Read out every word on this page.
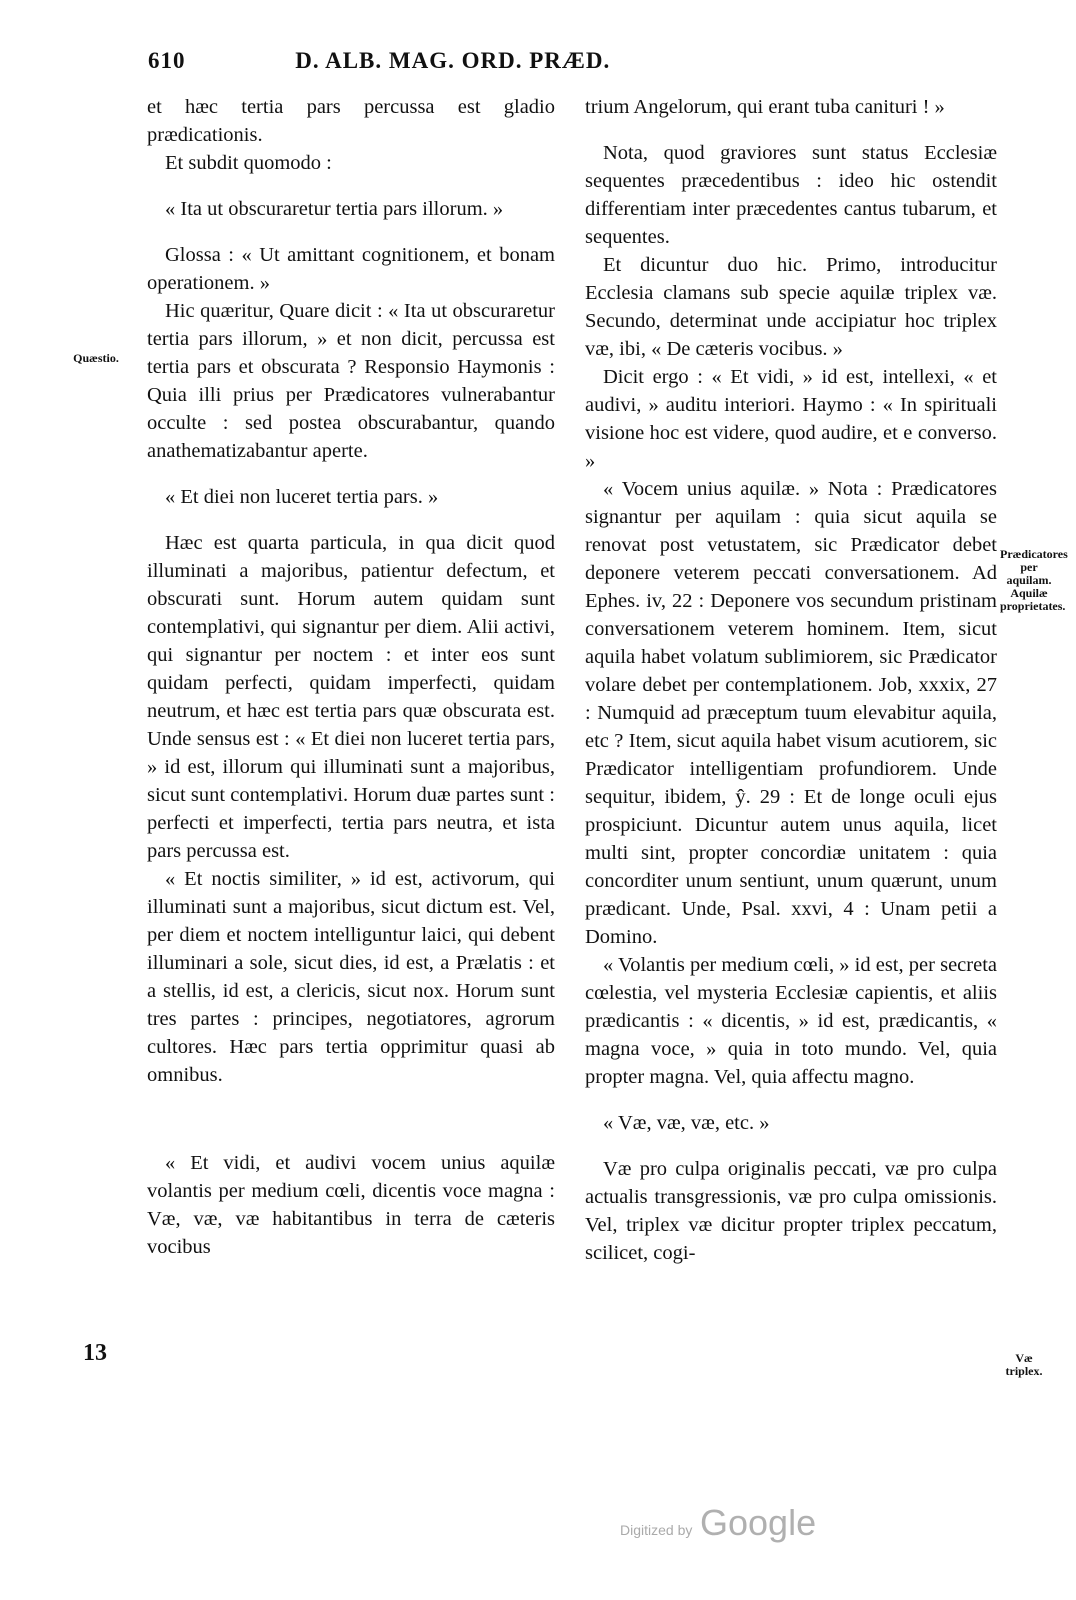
610	D. ALB. MAG. ORD. PRÆD.

et hæc tertia pars percussa est gladio prædicationis.

Et subdit quomodo :

« Ita ut obscuraretur tertia pars illorum. »

Glossa : « Ut amittant cognitionem, et bonam operationem. »

Hic quæritur, Quare dicit : « Ita ut obscuraretur tertia pars illorum, » et non dicit, percussa est tertia pars et obscurata ? Responsio Haymonis : Quia illi prius per Prædicatores vulnerabantur occulte : sed postea obscurabantur, quando anathematizabantur aperte.

« Et diei non luceret tertia pars. »

Hæc est quarta particula, in qua dicit quod illuminati a majoribus, patientur defectum, et obscurati sunt. Horum autem quidam sunt contemplativi, qui signantur per diem. Alii activi, qui signantur per noctem : et inter eos sunt quidam perfecti, quidam imperfecti, quidam neutrum, et hæc est tertia pars quæ obscurata est. Unde sensus est : « Et diei non luceret tertia pars, » id est, illorum qui illuminati sunt a majoribus, sicut sunt contemplativi. Horum duæ partes sunt : perfecti et imperfecti, tertia pars neutra, et ista pars percussa est.

« Et noctis similiter, » id est, activorum, qui illuminati sunt a majoribus, sicut dictum est. Vel, per diem et noctem intelliguntur laici, qui debent illuminari a sole, sicut dies, id est, a Prælatis : et a stellis, id est, a clericis, sicut nox. Horum sunt tres partes : principes, negotiatores, agrorum cultores. Hæc pars tertia opprimitur quasi ab omnibus.

« Et vidi, et audivi vocem unius aquilæ volantis per medium cœli, dicentis voce magna : Væ, væ, væ habitantibus in terra de cæteris vocibus

trium Angelorum, qui erant tuba canituri ! »

Nota, quod graviores sunt status Ecclesiæ sequentes præcedentibus : ideo hic ostendit differentiam inter præcedentes cantus tubarum, et sequentes.

Et dicuntur duo hic. Primo, introducitur Ecclesia clamans sub specie aquilæ triplex væ. Secundo, determinat unde accipiatur hoc triplex væ, ibi, « De cæteris vocibus. »

Dicit ergo : « Et vidi, » id est, intellexi, « et audivi, » auditu interiori. Haymo : « In spirituali visione hoc est videre, quod audire, et e converso. »

« Vocem unius aquilæ. » Nota : Prædicatores signantur per aquilam : quia sicut aquila se renovat post vetustatem, sic Prædicator debet deponere veterem peccati conversationem. Ad Ephes. iv, 22 : Deponere vos secundum pristinam conversationem veterem hominem. Item, sicut aquila habet volatum sublimiorem, sic Prædicator volare debet per contemplationem. Job, xxxix, 27 : Numquid ad præceptum tuum elevabitur aquila, etc ? Item, sicut aquila habet visum acutiorem, sic Prædicator intelligentiam profundiorem. Unde sequitur, ibidem, ŷ. 29 : Et de longe oculi ejus prospiciunt. Dicuntur autem unus aquila, licet multi sint, propter concordiæ unitatem : quia concorditer unum sentiunt, unum quærunt, unum prædicant. Unde, Psal. xxvi, 4 : Unam petii a Domino.

« Volantis per medium cœli, » id est, per secreta cœlestia, vel mysteria Ecclesiæ capientis, et aliis prædicantis : « dicentis, » id est, prædicantis, « magna voce, » quia in toto mundo. Vel, quia propter magna. Vel, quia affectu magno.

« Væ, væ, væ, etc. »

Væ pro culpa originalis peccati, væ pro culpa actualis transgressionis, væ pro culpa omissionis. Vel, triplex væ dicitur propter triplex peccatum, scilicet, cogi-

Quæstio.
Prædicatores per aquilam. Aquilæ proprietates.
Væ triplex.
13
Digitized by Google
